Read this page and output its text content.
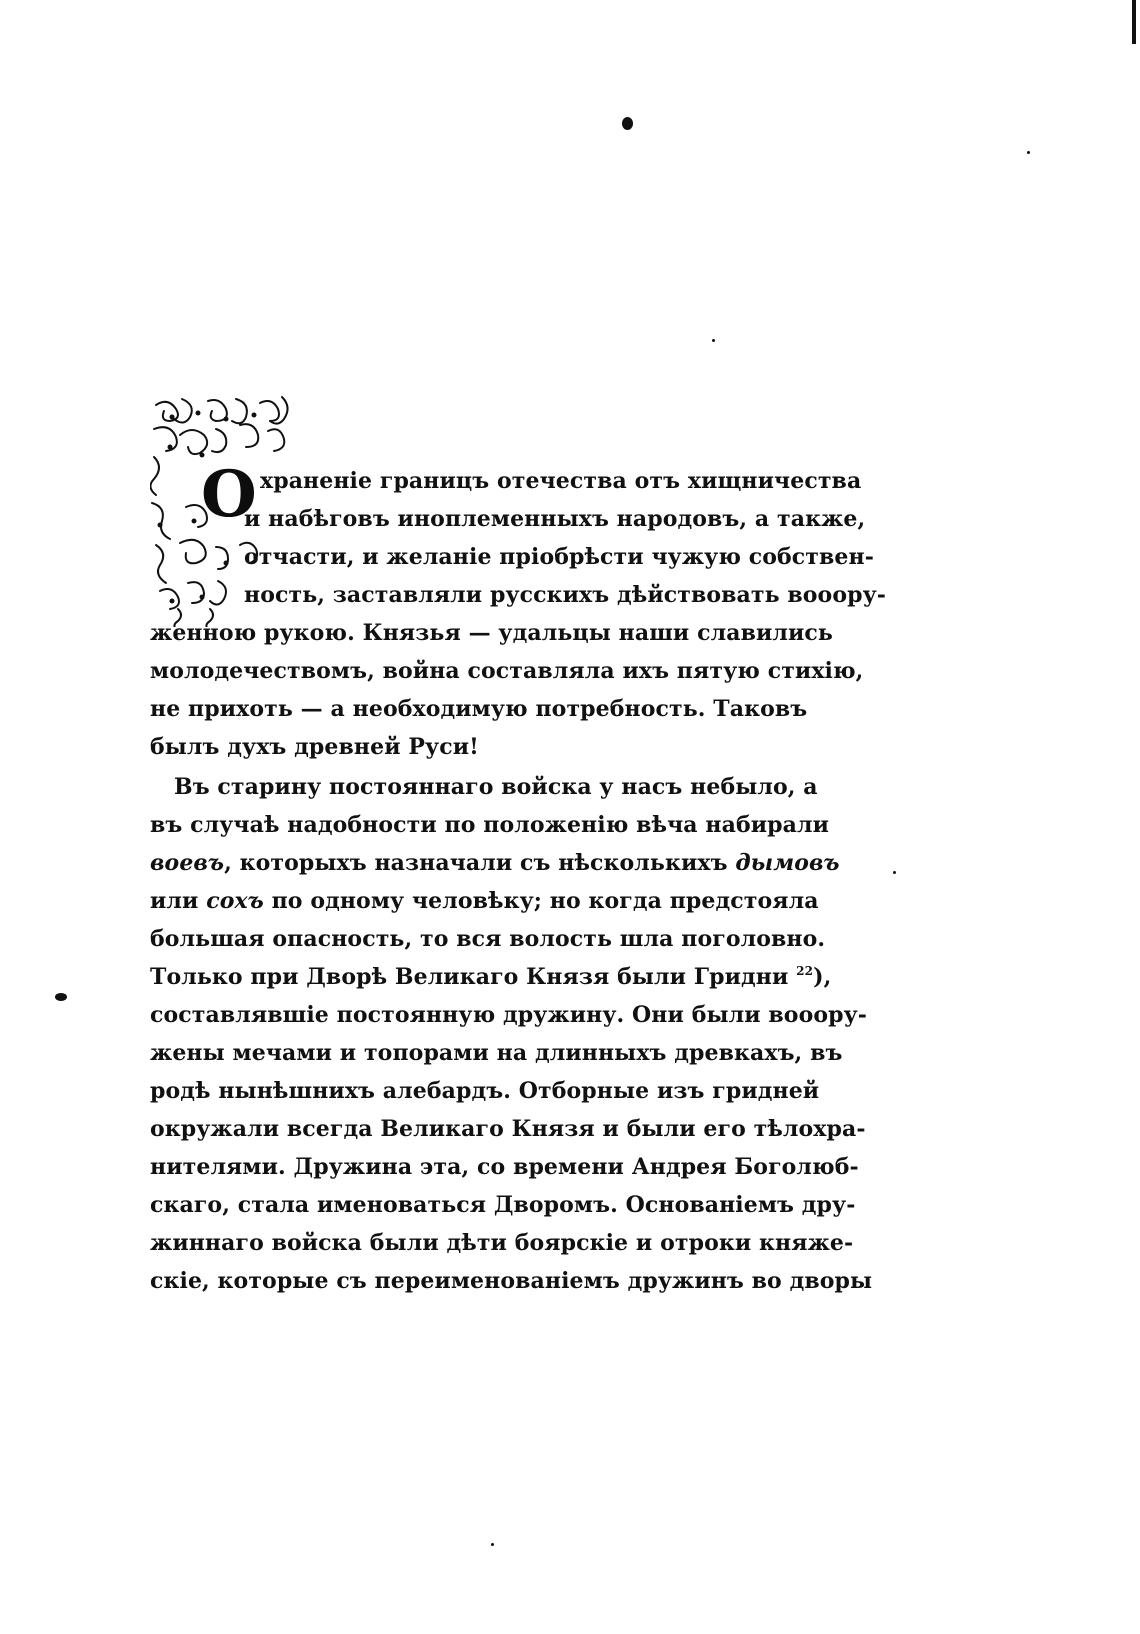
О храненіе границъ отечества отъ хищничества
и набѣговъ иноплеменныхъ народовъ, а также,
отчасти, и желаніе пріобрѣсти чужую собствен-
ность, заставляли русскихъ дѣйствовать вооору-
женною рукою. Князья — удальцы наши славились
молодечествомъ, война составляла ихъ пятую стихію,
не прихоть — а необходимую потребность. Таковъ
былъ духъ древней Руси!
Въ старину постояннаго войска у насъ небыло, а
въ случаѣ надобности по положенію вѣча набирали
воевъ, которыхъ назначали съ нѣсколькихъ дымовъ
или сохъ по одному человѣку; но когда предстояла
большая опасность, то вся волость шла поголовно.
Только при Дворѣ Великаго Князя были Гридни $^{22}$),
составлявшіе постоянную дружину. Они были вооору-
жены мечами и топорами на длинныхъ древкахъ, въ
родѣ нынѣшнихъ алебардъ. Отборные изъ гридней
окружали всегда Великаго Князя и были его тѣлохра-
нителями. Дружина эта, со времени Андрея Боголюб-
скаго, стала именоваться Дворомъ. Основаніемъ дру-
жиннаго войска были дѣти боярскіе и отроки княже-
скіе, которые съ переименованіемъ дружинъ во дворы
